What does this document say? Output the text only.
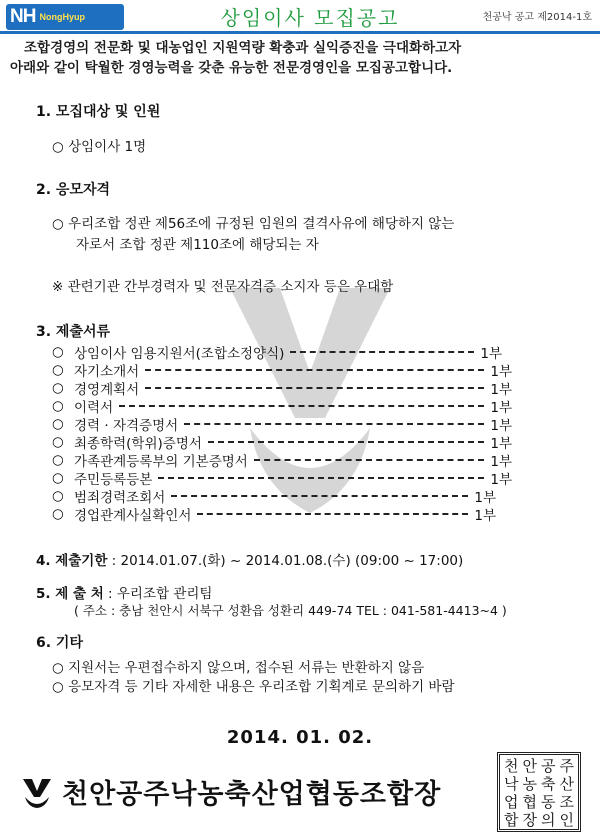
NH NongHyup	상임이사 모집공고	천공낙 공고 제2014-1호

조합경영의 전문화 및 대농업인 지원역량 확충과 실익증진을 극대화하고자

아래와 같이 탁월한 경영능력을 갖춘 유능한 전문경영인을 모집공고합니다.

1. 모집대상 및 인원
○ 상임이사 1명
2. 응모자격
○ 우리조합 정관 제56조에 규정된 임원의 결격사유에 해당하지 않는
자로서 조합 정관 제110조에 해당되는 자
※ 관련기관 간부경력자 및 전문자격증 소지자 등은 우대함
3. 제출서류
○ 상임이사 임용지원서(조합소정양식)	1부
○ 자기소개서	1부
○ 경영계획서	1부
○ 이력서	1부
○ 경력 · 자격증명서	1부
○ 최종학력(학위)증명서	1부
○ 가족관계등록부의 기본증명서	1부
○ 주민등록등본	1부
○ 범죄경력조회서	1부
○ 경업관계사실확인서	1부
4. 제출기한 : 2014.01.07.(화) ~ 2014.01.08.(수) (09:00 ~ 17:00)
5. 제 출 처 : 우리조합 관리팀
( 주소 : 충남 천안시 서북구 성환읍 성환리 449-74 TEL : 041-581-4413~4 )
6. 기타
○ 지원서는 우편접수하지 않으며, 접수된 서류는 반환하지 않음
○ 응모자격 등 기타 자세한 내용은 우리조합 기획계로 문의하기 바람
2014. 01. 02.
천안공주낙농축산업협동조합장
천 안 공 주
낙 농 축 산
업 협 동 조
합 장 의 인
